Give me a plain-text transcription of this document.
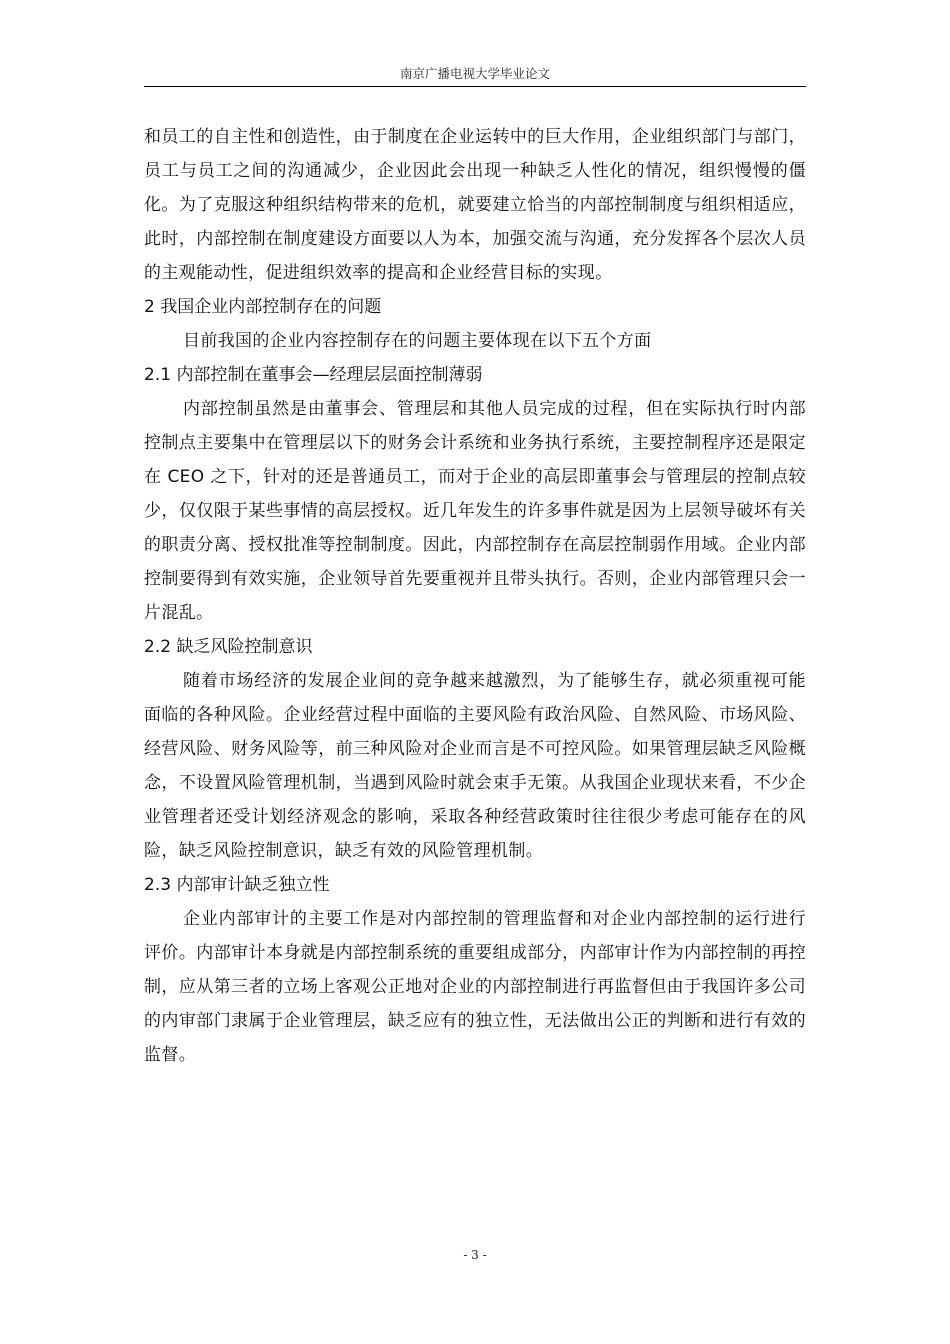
南京广播电视大学毕业论文

和员工的自主性和创造性，由于制度在企业运转中的巨大作用，企业组织部门与部门，员工与员工之间的沟通减少，企业因此会出现一种缺乏人性化的情况，组织慢慢的僵化。为了克服这种组织结构带来的危机，就要建立恰当的内部控制制度与组织相适应，此时，内部控制在制度建设方面要以人为本，加强交流与沟通，充分发挥各个层次人员的主观能动性，促进组织效率的提高和企业经营目标的实现。

2 我国企业内部控制存在的问题

目前我国的企业内容控制存在的问题主要体现在以下五个方面

2.1 内部控制在董事会—经理层层面控制薄弱

内部控制虽然是由董事会、管理层和其他人员完成的过程，但在实际执行时内部控制点主要集中在管理层以下的财务会计系统和业务执行系统，主要控制程序还是限定在 CEO 之下，针对的还是普通员工，而对于企业的高层即董事会与管理层的控制点较少，仅仅限于某些事情的高层授权。近几年发生的许多事件就是因为上层领导破坏有关的职责分离、授权批准等控制制度。因此，内部控制存在高层控制弱作用域。企业内部控制要得到有效实施，企业领导首先要重视并且带头执行。否则，企业内部管理只会一片混乱。

2.2 缺乏风险控制意识

随着市场经济的发展企业间的竞争越来越激烈，为了能够生存，就必须重视可能面临的各种风险。企业经营过程中面临的主要风险有政治风险、自然风险、市场风险、经营风险、财务风险等，前三种风险对企业而言是不可控风险。如果管理层缺乏风险概念，不设置风险管理机制，当遇到风险时就会束手无策。从我国企业现状来看，不少企业管理者还受计划经济观念的影响，采取各种经营政策时往往很少考虑可能存在的风险，缺乏风险控制意识，缺乏有效的风险管理机制。

2.3 内部审计缺乏独立性

企业内部审计的主要工作是对内部控制的管理监督和对企业内部控制的运行进行评价。内部审计本身就是内部控制系统的重要组成部分，内部审计作为内部控制的再控制，应从第三者的立场上客观公正地对企业的内部控制进行再监督但由于我国许多公司的内审部门隶属于企业管理层，缺乏应有的独立性，无法做出公正的判断和进行有效的监督。

- 3 -
